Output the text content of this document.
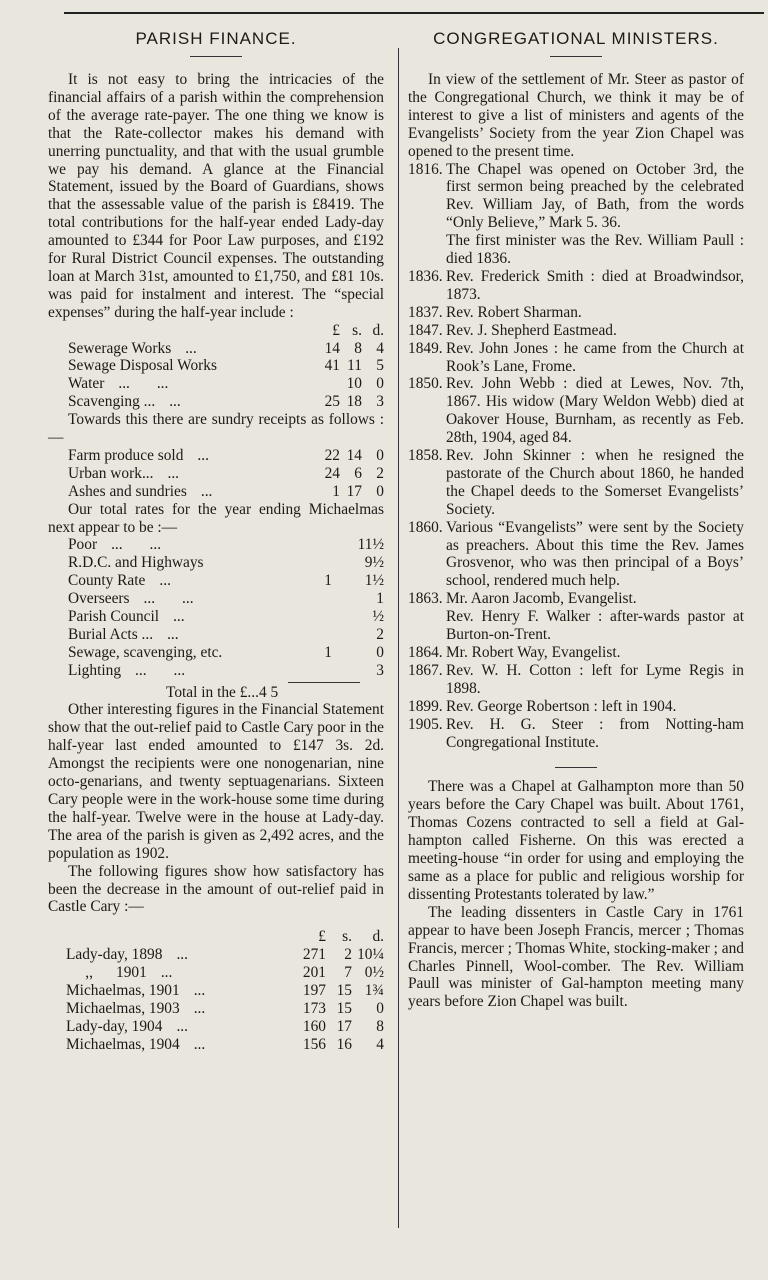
PARISH FINANCE.

It is not easy to bring the intricacies of the financial affairs of a parish within the comprehension of the average rate-payer. The one thing we know is that the Rate-collector makes his demand with unerring punctuality, and that with the usual grumble we pay his demand. A glance at the Financial Statement, issued by the Board of Guardians, shows that the assessable value of the parish is £8419. The total contributions for the half-year ended Lady-day amounted to £344 for Poor Law purposes, and £192 for Rural District Council expenses. The outstanding loan at March 31st, amounted to £1,750, and £81 10s. was paid for instalment and interest. The “special expenses” during the half-year include :

£ s. d.
Sewerage Works ...	14 8 4
Sewage Disposal Works	41 11 5
Water ...       ...	10 0
Scavenging ... ...	25 18 3

Towards this there are sundry receipts as follows :—

Farm produce sold ...	22 14 0
Urban work... ...	24 6 2
Ashes and sundries ...	1 17 0

Our total rates for the year ending Michaelmas next appear to be :—

Poor ...       ...	11½
R.D.C. and Highways	9½
County Rate ...	1	1½
Overseers ...       ...	1
Parish Council ...	½
Burial Acts ... ...	2
Sewage, scavenging, etc.	1	0
Lighting ...       ...	3
Total in the £...4 5

Other interesting figures in the Financial Statement show that the out-relief paid to Castle Cary poor in the half-year last ended amounted to £147 3s. 2d. Amongst the recipients were one nonogenarian, nine octo-genarians, and twenty septuagenarians. Sixteen Cary people were in the work-house some time during the half-year. Twelve were in the house at Lady-day. The area of the parish is given as 2,492 acres, and the population as 1902.

The following figures show how satisfactory has been the decrease in the amount of out-relief paid in Castle Cary :—

£	s.	d.
Lady-day, 1898 ...	271	2 10¼
,,      1901 ...	201	7 0½
Michaelmas, 1901 ...	197 15 1¾
Michaelmas, 1903 ...	173 15	0
Lady-day, 1904 ...	160 17	8
Michaelmas, 1904 ...	156 16	4
CONGREGATIONAL MINISTERS.

In view of the settlement of Mr. Steer as pastor of the Congregational Church, we think it may be of interest to give a list of ministers and agents of the Evangelists’ Society from the year Zion Chapel was opened to the present time.

1816. The Chapel was opened on October 3rd, the first sermon being preached by the celebrated Rev. William Jay, of Bath, from the words “Only Believe,” Mark 5. 36.
The first minister was the Rev. William Paull : died 1836.
1836. Rev. Frederick Smith : died at Broadwindsor, 1873.
1837. Rev. Robert Sharman.
1847. Rev. J. Shepherd Eastmead.
1849. Rev. John Jones : he came from the Church at Rook’s Lane, Frome.
1850. Rev. John Webb : died at Lewes, Nov. 7th, 1867. His widow (Mary Weldon Webb) died at Oakover House, Burnham, as recently as Feb. 28th, 1904, aged 84.
1858. Rev. John Skinner : when he resigned the pastorate of the Church about 1860, he handed the Chapel deeds to the Somerset Evangelists’ Society.
1860. Various “Evangelists” were sent by the Society as preachers. About this time the Rev. James Grosvenor, who was then principal of a Boys’ school, rendered much help.
1863. Mr. Aaron Jacomb, Evangelist.
Rev. Henry F. Walker : after-wards pastor at Burton-on-Trent.
1864. Mr. Robert Way, Evangelist.
1867. Rev. W. H. Cotton : left for Lyme Regis in 1898.
1899. Rev. George Robertson : left in 1904.
1905. Rev. H. G. Steer : from Notting-ham Congregational Institute.

There was a Chapel at Galhampton more than 50 years before the Cary Chapel was built. About 1761, Thomas Cozens contracted to sell a field at Gal-hampton called Fisherne. On this was erected a meeting-house “in order for using and employing the same as a place for public and religious worship for dissenting Protestants tolerated by law.”

The leading dissenters in Castle Cary in 1761 appear to have been Joseph Francis, mercer ; Thomas Francis, mercer ; Thomas White, stocking-maker ; and Charles Pinnell, Wool-comber. The Rev. William Paull was minister of Gal-hampton meeting many years before Zion Chapel was built.
